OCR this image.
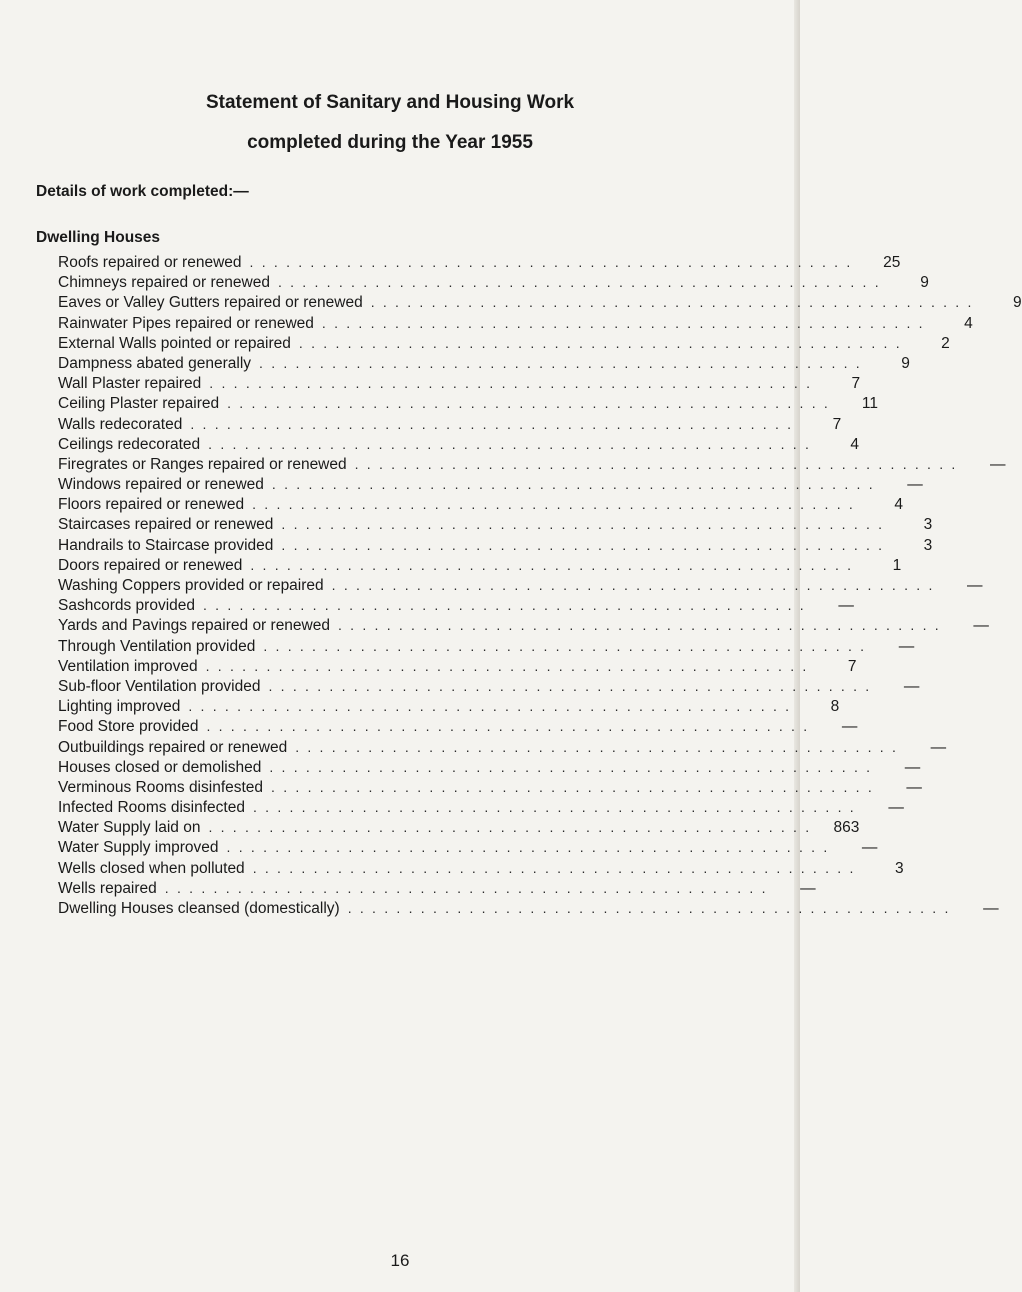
Statement of Sanitary and Housing Work
completed during the Year 1955
Details of work completed:—
Dwelling Houses
Roofs repaired or renewed . . . . . . . . . . . . . . . . . . . . . . . . . . . . . . . . . . . . . . . . . . . . . . . . . .	25
Chimneys repaired or renewed . . . . . . . . . . . . . . . . . . . . . . . . . . . . . . . . . . . . . . . . . . . . . . . . . .	9
Eaves or Valley Gutters repaired or renewed . . . . . . . . . . . . . . . . . . . . . . . . . . . . . . . . . . . . . . . . . . . . . . . . . .	9
Rainwater Pipes repaired or renewed . . . . . . . . . . . . . . . . . . . . . . . . . . . . . . . . . . . . . . . . . . . . . . . . . .	4
External Walls pointed or repaired . . . . . . . . . . . . . . . . . . . . . . . . . . . . . . . . . . . . . . . . . . . . . . . . . .	2
Dampness abated generally . . . . . . . . . . . . . . . . . . . . . . . . . . . . . . . . . . . . . . . . . . . . . . . . . .	9
Wall Plaster repaired . . . . . . . . . . . . . . . . . . . . . . . . . . . . . . . . . . . . . . . . . . . . . . . . . .	7
Ceiling Plaster repaired . . . . . . . . . . . . . . . . . . . . . . . . . . . . . . . . . . . . . . . . . . . . . . . . . .	11
Walls redecorated . . . . . . . . . . . . . . . . . . . . . . . . . . . . . . . . . . . . . . . . . . . . . . . . . .	7
Ceilings redecorated . . . . . . . . . . . . . . . . . . . . . . . . . . . . . . . . . . . . . . . . . . . . . . . . . .	4
Firegrates or Ranges repaired or renewed . . . . . . . . . . . . . . . . . . . . . . . . . . . . . . . . . . . . . . . . . . . . . . . . . .	—
Windows repaired or renewed . . . . . . . . . . . . . . . . . . . . . . . . . . . . . . . . . . . . . . . . . . . . . . . . . .	—
Floors repaired or renewed . . . . . . . . . . . . . . . . . . . . . . . . . . . . . . . . . . . . . . . . . . . . . . . . . .	4
Staircases repaired or renewed . . . . . . . . . . . . . . . . . . . . . . . . . . . . . . . . . . . . . . . . . . . . . . . . . .	3
Handrails to Staircase provided . . . . . . . . . . . . . . . . . . . . . . . . . . . . . . . . . . . . . . . . . . . . . . . . . .	3
Doors repaired or renewed . . . . . . . . . . . . . . . . . . . . . . . . . . . . . . . . . . . . . . . . . . . . . . . . . .	1
Washing Coppers provided or repaired . . . . . . . . . . . . . . . . . . . . . . . . . . . . . . . . . . . . . . . . . . . . . . . . . .	—
Sashcords provided . . . . . . . . . . . . . . . . . . . . . . . . . . . . . . . . . . . . . . . . . . . . . . . . . .	—
Yards and Pavings repaired or renewed . . . . . . . . . . . . . . . . . . . . . . . . . . . . . . . . . . . . . . . . . . . . . . . . . .	—
Through Ventilation provided . . . . . . . . . . . . . . . . . . . . . . . . . . . . . . . . . . . . . . . . . . . . . . . . . .	—
Ventilation improved . . . . . . . . . . . . . . . . . . . . . . . . . . . . . . . . . . . . . . . . . . . . . . . . . .	7
Sub-floor Ventilation provided . . . . . . . . . . . . . . . . . . . . . . . . . . . . . . . . . . . . . . . . . . . . . . . . . .	—
Lighting improved . . . . . . . . . . . . . . . . . . . . . . . . . . . . . . . . . . . . . . . . . . . . . . . . . .	8
Food Store provided . . . . . . . . . . . . . . . . . . . . . . . . . . . . . . . . . . . . . . . . . . . . . . . . . .	—
Outbuildings repaired or renewed . . . . . . . . . . . . . . . . . . . . . . . . . . . . . . . . . . . . . . . . . . . . . . . . . .	—
Houses closed or demolished . . . . . . . . . . . . . . . . . . . . . . . . . . . . . . . . . . . . . . . . . . . . . . . . . .	—
Verminous Rooms disinfested . . . . . . . . . . . . . . . . . . . . . . . . . . . . . . . . . . . . . . . . . . . . . . . . . .	—
Infected Rooms disinfected . . . . . . . . . . . . . . . . . . . . . . . . . . . . . . . . . . . . . . . . . . . . . . . . . .	—
Water Supply laid on . . . . . . . . . . . . . . . . . . . . . . . . . . . . . . . . . . . . . . . . . . . . . . . . . .	863
Water Supply improved . . . . . . . . . . . . . . . . . . . . . . . . . . . . . . . . . . . . . . . . . . . . . . . . . .	—
Wells closed when polluted . . . . . . . . . . . . . . . . . . . . . . . . . . . . . . . . . . . . . . . . . . . . . . . . . .	3
Wells repaired . . . . . . . . . . . . . . . . . . . . . . . . . . . . . . . . . . . . . . . . . . . . . . . . . .	—
Dwelling Houses cleansed (domestically) . . . . . . . . . . . . . . . . . . . . . . . . . . . . . . . . . . . . . . . . . . . . . . . . . .	—
16
